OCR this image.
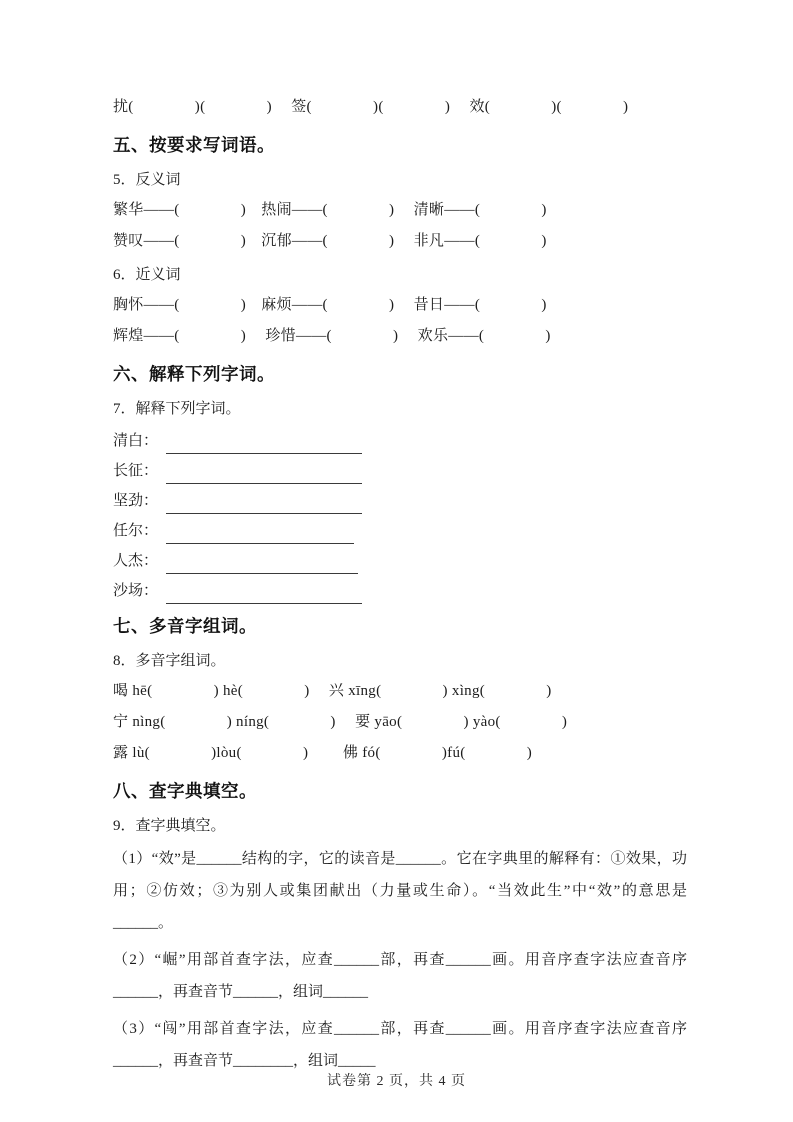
扰(　　　　)(　　　　)　 签(　　　　)(　　　　)　 效(　　　　)(　　　　)
五、按要求写词语。
5．反义词
繁华——(　　　　)　热闹——(　　　　)　 清晰——(　　　　)
赞叹——(　　　　)　沉郁——(　　　　)　 非凡——(　　　　)
6．近义词
胸怀——(　　　　)　麻烦——(　　　　)　 昔日——(　　　　)
辉煌——(　　　　)　 珍惜——(　　　　)　 欢乐——(　　　　)
六、解释下列字词。
7．解释下列字词。
清白：
长征：
坚劲：
任尔：
人杰：
沙场：
七、多音字组词。
8．多音字组词。
喝 hē(　　　　) hè(　　　　)　 兴 xīng(　　　　) xìng(　　　　)
宁 nìng(　　　　) níng(　　　　)　 要 yāo(　　　　) yào(　　　　)
露 lù(　　　　)lòu(　　　　)　　 佛 fó(　　　　)fú(　　　　)
八、查字典填空。
9．查字典填空。
（1）“效”是______结构的字，它的读音是______。它在字典里的解释有：①效果，功用；②仿效；③为别人或集团献出（力量或生命）。“当效此生”中“效”的意思是______。
（2）“崛”用部首查字法，应查______部，再查______画。用音序查字法应查音序______，再查音节______，组词______
（3）“闯”用部首查字法，应查______部，再查______画。用音序查字法应查音序______，再查音节________，组词_____
试卷第 2 页，共 4 页
